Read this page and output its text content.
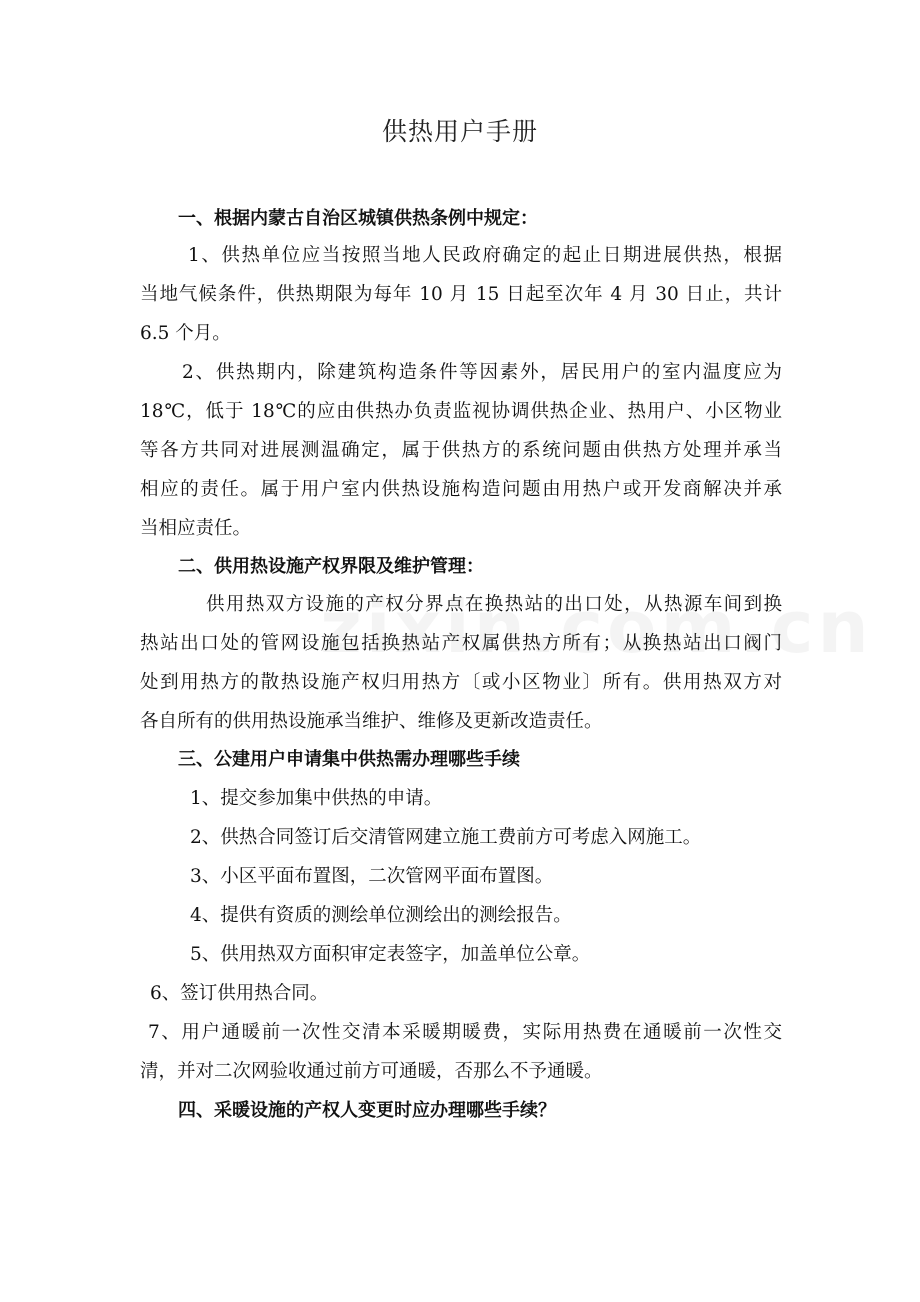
供热用户手册
一、根据内蒙古自治区城镇供热条例中规定：
1、供热单位应当按照当地人民政府确定的起止日期进展供热，根据
当地气候条件，供热期限为每年 10 月 15 日起至次年 4 月 30 日止，共计
6.5 个月。
2、供热期内，除建筑构造条件等因素外，居民用户的室内温度应为
18℃，低于 18℃的应由供热办负责监视协调供热企业、热用户、小区物业
等各方共同对进展测温确定，属于供热方的系统问题由供热方处理并承当
相应的责任。属于用户室内供热设施构造问题由用热户或开发商解决并承
当相应责任。
二、供用热设施产权界限及维护管理：
供用热双方设施的产权分界点在换热站的出口处，从热源车间到换
热站出口处的管网设施包括换热站产权属供热方所有；从换热站出口阀门
处到用热方的散热设施产权归用热方〔或小区物业〕所有。供用热双方对
各自所有的供用热设施承当维护、维修及更新改造责任。
三、公建用户申请集中供热需办理哪些手续
1、提交参加集中供热的申请。
2、供热合同签订后交清管网建立施工费前方可考虑入网施工。
3、小区平面布置图，二次管网平面布置图。
4、提供有资质的测绘单位测绘出的测绘报告。
5、供用热双方面积审定表签字，加盖单位公章。
6、签订供用热合同。
7、用户通暖前一次性交清本采暖期暖费，实际用热费在通暖前一次性交
清，并对二次网验收通过前方可通暖，否那么不予通暖。
四、采暖设施的产权人变更时应办理哪些手续？
